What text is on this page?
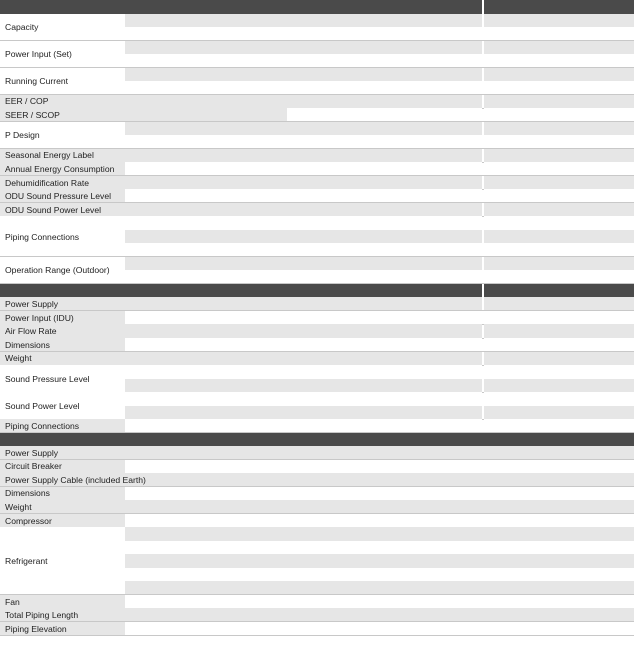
Capacity
Power Input (Set)
Running Current
EER / COP
SEER / SCOP
P Design
Seasonal Energy Label
Annual Energy Consumption
Dehumidification Rate
ODU Sound Pressure Level
ODU Sound Power Level
Piping Connections
Operation Range (Outdoor)
Power Supply
Power Input (IDU)
Air Flow Rate
Dimensions
Weight
Sound Pressure Level
Sound Power Level
Piping Connections
Power Supply
Circuit Breaker
Power Supply Cable (included Earth)
Dimensions
Weight
Compressor
Refrigerant
Fan
Total Piping Length
Piping Elevation
